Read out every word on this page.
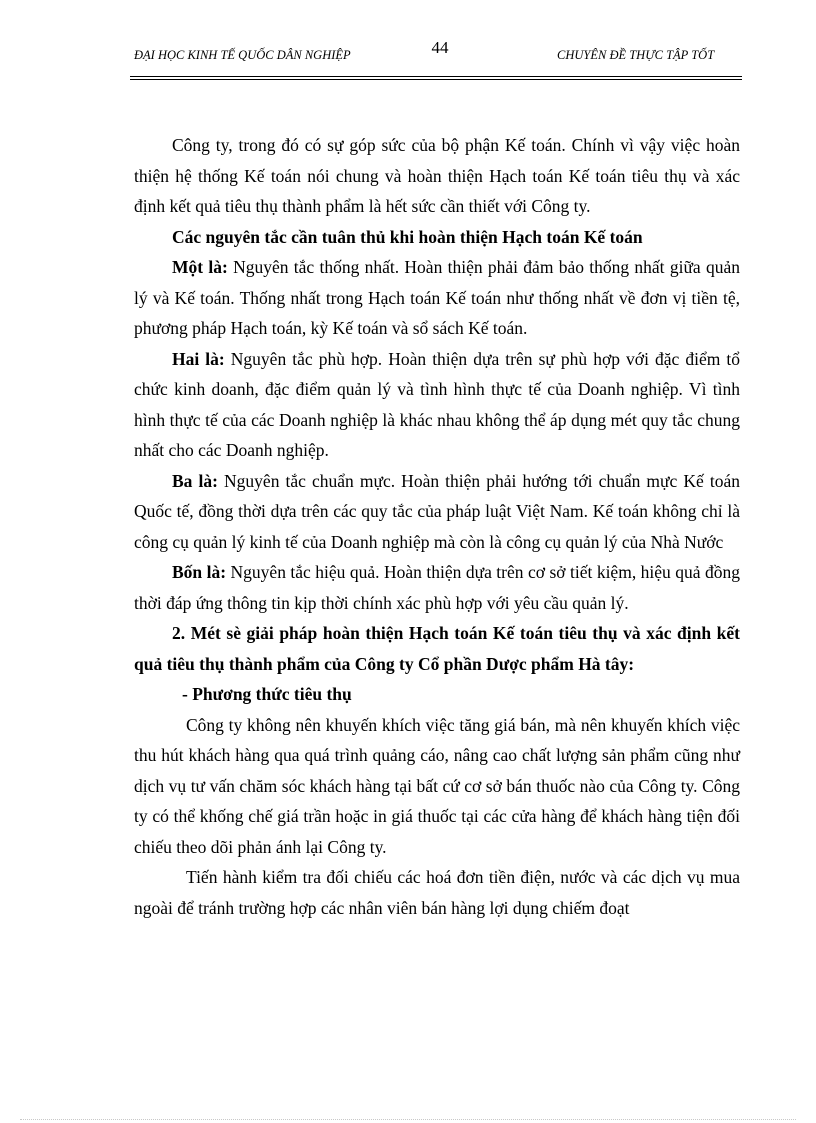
44
ĐẠI HỌC KINH TẾ QUỐC DÂN NGHIỆP	CHUYÊN ĐỀ THỰC TẬP TỐT

Công ty, trong đó có sự góp sức của bộ phận Kế toán. Chính vì vậy việc hoàn thiện hệ thống Kế toán nói chung và hoàn thiện Hạch toán Kế toán tiêu thụ và xác định kết quả tiêu thụ thành phẩm là hết sức cần thiết với Công ty.

Các nguyên tắc cần tuân thủ khi hoàn thiện Hạch toán Kế toán

Một là: Nguyên tắc thống nhất. Hoàn thiện phải đảm bảo thống nhất giữa quản lý và Kế toán. Thống nhất trong Hạch toán Kế toán như thống nhất về đơn vị tiền tệ, phương pháp Hạch toán, kỳ Kế toán và sổ sách Kế toán.

Hai là: Nguyên tắc phù hợp. Hoàn thiện dựa trên sự phù hợp với đặc điểm tổ chức kinh doanh, đặc điểm quản lý và tình hình thực tế của Doanh nghiệp. Vì tình hình thực tế của các Doanh nghiệp là khác nhau không thể áp dụng mét quy tắc chung nhất cho các Doanh nghiệp.

Ba là: Nguyên tắc chuẩn mực. Hoàn thiện phải hướng tới chuẩn mực Kế toán Quốc tế, đồng thời dựa trên các quy tắc của pháp luật Việt Nam. Kế toán không chỉ là công cụ quản lý kinh tế của Doanh nghiệp mà còn là công cụ quản lý của Nhà Nước

Bốn là: Nguyên tắc hiệu quả. Hoàn thiện dựa trên cơ sở tiết kiệm, hiệu quả đồng thời đáp ứng thông tin kịp thời chính xác phù hợp với yêu cầu quản lý.

2. Mét sè giải pháp hoàn thiện Hạch toán Kế toán tiêu thụ và xác định kết quả tiêu thụ thành phẩm của Công ty Cổ phần Dược phẩm Hà tây:

- Phương thức tiêu thụ

Công ty không nên khuyến khích việc tăng giá bán, mà nên khuyến khích việc thu hút khách hàng qua quá trình quảng cáo, nâng cao chất lượng sản phẩm cũng như dịch vụ tư vấn chăm sóc khách hàng tại bất cứ cơ sở bán thuốc nào của Công ty. Công ty có thể khống chế giá trần hoặc in giá thuốc tại các cửa hàng để khách hàng tiện đối chiếu theo dõi phản ánh lại Công ty.

Tiến hành kiểm tra đối chiếu các hoá đơn tiền điện, nước và các dịch vụ mua ngoài để tránh trường hợp các nhân viên bán hàng lợi dụng chiếm đoạt
